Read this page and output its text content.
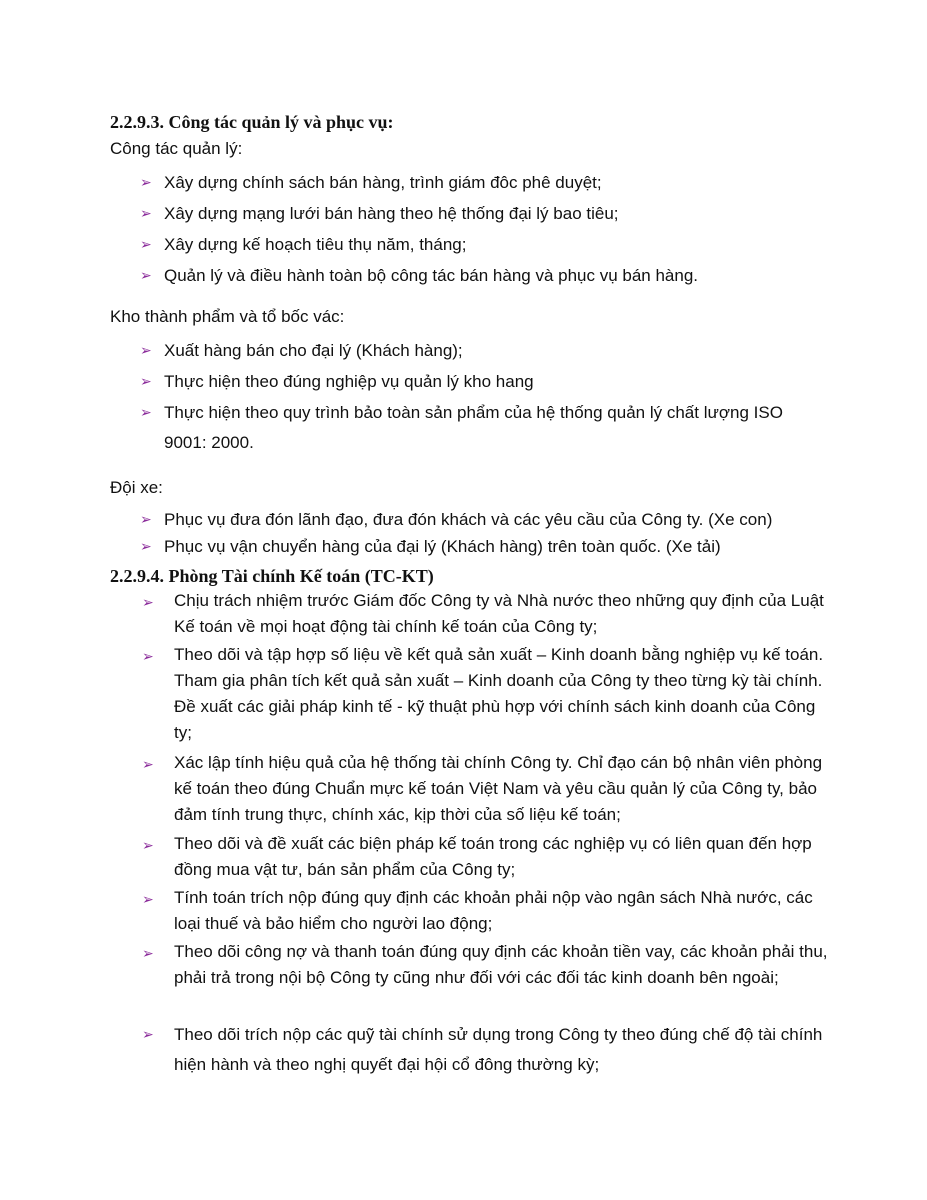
2.2.9.3. Công tác quản lý và phục vụ:
Công tác quản lý:
➢ Xây dựng chính sách bán hàng, trình giám đôc phê duyệt;
➢ Xây dựng mạng lưới bán hàng theo hệ thống đại lý bao tiêu;
➢ Xây dựng kế hoạch tiêu thụ năm, tháng;
➢ Quản lý và điều hành toàn bộ công tác bán hàng và phục vụ bán hàng.
Kho thành phẩm và tổ bốc vác:
➢ Xuất hàng bán cho đại lý (Khách hàng);
➢ Thực hiện theo đúng nghiệp vụ quản lý kho hang
➢ Thực hiện theo quy trình bảo toàn sản phẩm của hệ thống quản lý chất lượng ISO 9001: 2000.
Đội xe:
➢ Phục vụ đưa đón lãnh đạo, đưa đón khách và các yêu cầu của Công ty. (Xe con)
➢ Phục vụ vận chuyển hàng của đại lý (Khách hàng) trên toàn quốc. (Xe tải)
2.2.9.4. Phòng Tài chính Kế toán (TC-KT)
➢ Chịu trách nhiệm trước Giám đốc Công ty và Nhà nước theo những quy định của Luật Kế toán về mọi hoạt động tài chính kế toán của Công ty;
➢ Theo dõi và tập hợp số liệu về kết quả sản xuất – Kinh doanh bằng nghiệp vụ kế toán. Tham gia phân tích kết quả sản xuất – Kinh doanh của Công ty theo từng kỳ tài chính. Đề xuất các giải pháp kinh tế - kỹ thuật phù hợp với chính sách kinh doanh của Công ty;
➢ Xác lập tính hiệu quả của hệ thống tài chính Công ty. Chỉ đạo cán bộ nhân viên phòng kế toán theo đúng Chuẩn mực kế toán Việt Nam và yêu cầu quản lý của Công ty, bảo đảm tính trung thực, chính xác, kịp thời của số liệu kế toán;
➢ Theo dõi và đề xuất các biện pháp kế toán trong các nghiệp vụ có liên quan đến hợp đồng mua vật tư, bán sản phẩm của Công ty;
➢ Tính toán trích nộp đúng quy định các khoản phải nộp vào ngân sách Nhà nước, các loại thuế và bảo hiểm cho người lao động;
➢ Theo dõi công nợ và thanh toán đúng quy định các khoản tiền vay, các khoản phải thu, phải trả trong nội bộ Công ty cũng như đối với các đối tác kinh doanh bên ngoài;
➢ Theo dõi trích nộp các quỹ tài chính sử dụng trong Công ty theo đúng chế độ tài chính hiện hành và theo nghị quyết đại hội cổ đông thường kỳ;
